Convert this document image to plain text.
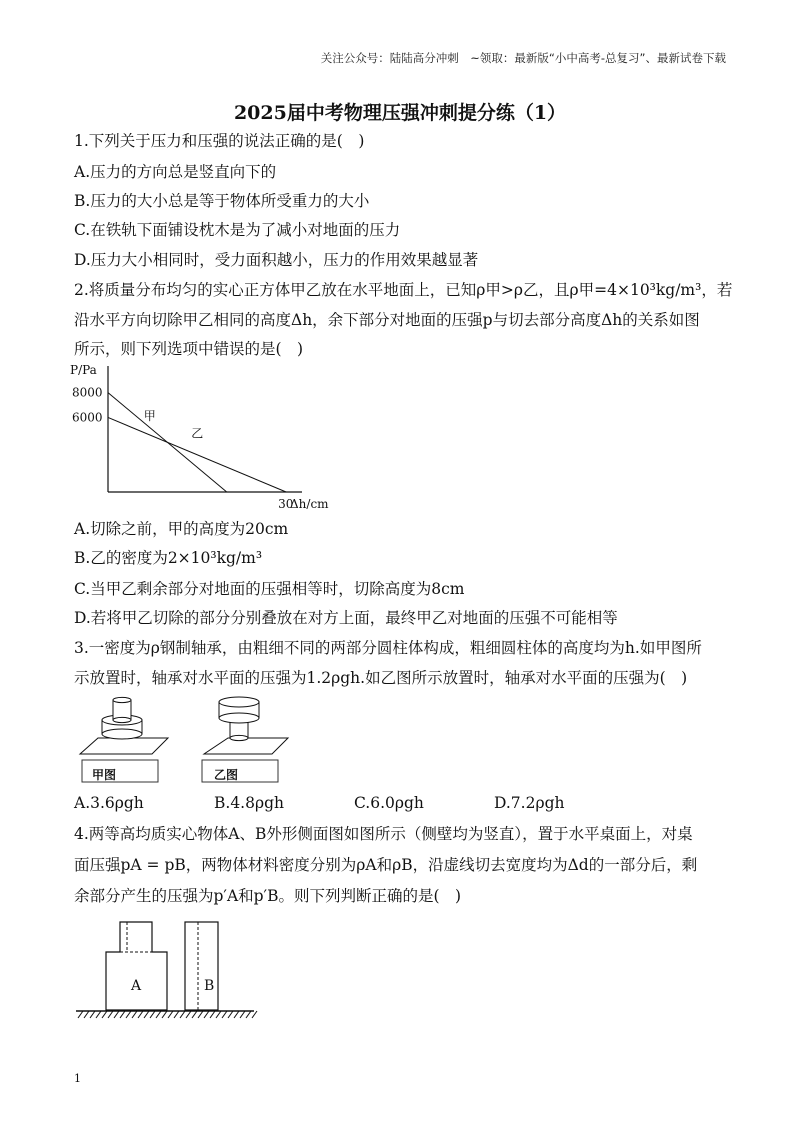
关注公众号：陆陆高分冲刺　~领取：最新版“小中高考-总复习”、最新试卷下载
2025届中考物理压强冲刺提分练（1）
1.下列关于压力和压强的说法正确的是(　)
A.压力的方向总是竖直向下的
B.压力的大小总是等于物体所受重力的大小
C.在铁轨下面铺设枕木是为了减小对地面的压力
D.压力大小相同时，受力面积越小，压力的作用效果越显著
2.将质量分布均匀的实心正方体甲乙放在水平地面上，已知ρ甲>ρ乙，且ρ甲=4×10³kg/m³，若
沿水平方向切除甲乙相同的高度Δh，余下部分对地面的压强p与切去部分高度Δh的关系如图
所示，则下列选项中错误的是(　)
P/Pa
Δh/cm
8000
6000
30
甲
乙
A.切除之前，甲的高度为20cm
B.乙的密度为2×10³kg/m³
C.当甲乙剩余部分对地面的压强相等时，切除高度为8cm
D.若将甲乙切除的部分分别叠放在对方上面，最终甲乙对地面的压强不可能相等
3.一密度为ρ钢制轴承，由粗细不同的两部分圆柱体构成，粗细圆柱体的高度均为h.如甲图所
示放置时，轴承对水平面的压强为1.2ρgh.如乙图所示放置时，轴承对水平面的压强为(　)
甲图	乙图
A.3.6ρgh	B.4.8ρgh	C.6.0ρgh	D.7.2ρgh
4.两等高均质实心物体A、B外形侧面图如图所示（侧壁均为竖直），置于水平桌面上，对桌
面压强pA = pB，两物体材料密度分别为ρA和ρB，沿虚线切去宽度均为Δd的一部分后，剩
余部分产生的压强为p′A和p′B。则下列判断正确的是(　)
A	B
1
